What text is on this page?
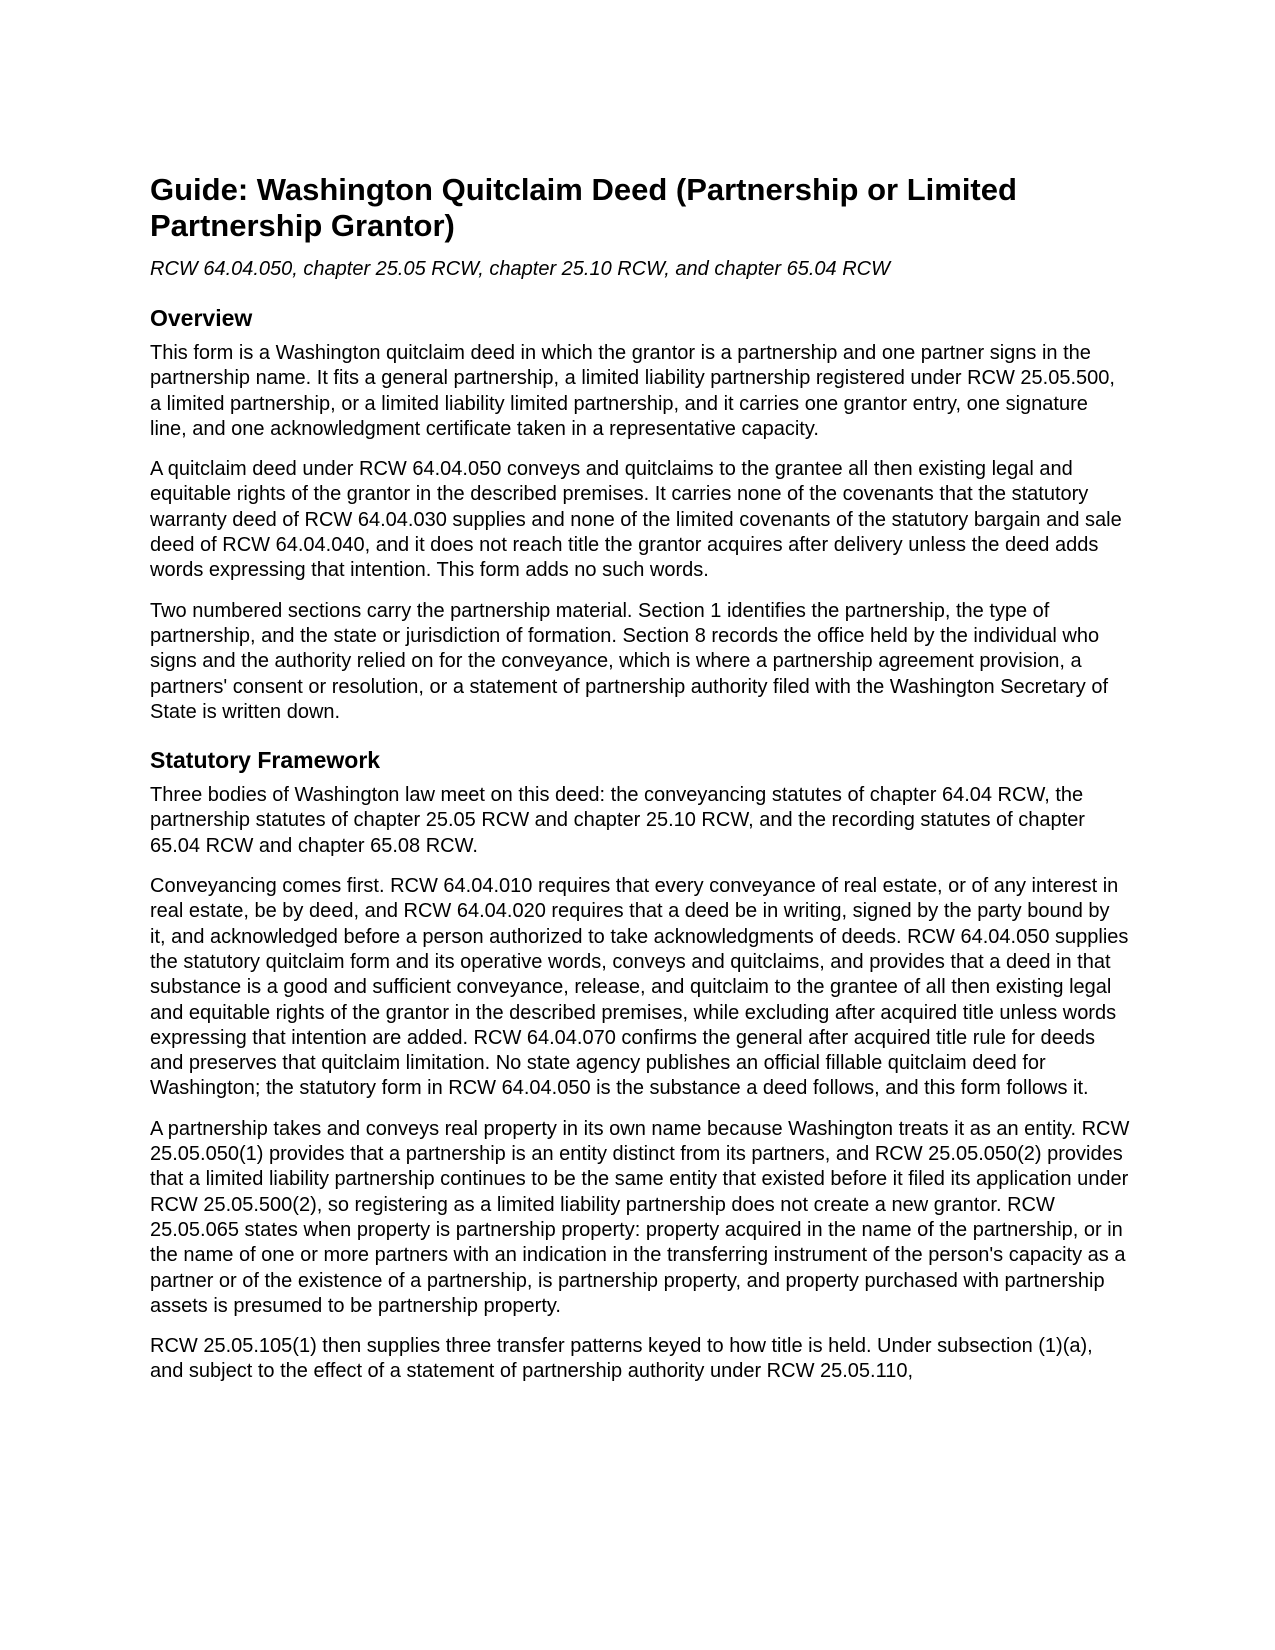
Guide: Washington Quitclaim Deed (Partnership or Limited Partnership Grantor)
RCW 64.04.050, chapter 25.05 RCW, chapter 25.10 RCW, and chapter 65.04 RCW
Overview

This form is a Washington quitclaim deed in which the grantor is a partnership and one partner signs in the partnership name. It fits a general partnership, a limited liability partnership registered under RCW 25.05.500, a limited partnership, or a limited liability limited partnership, and it carries one grantor entry, one signature line, and one acknowledgment certificate taken in a representative capacity.

A quitclaim deed under RCW 64.04.050 conveys and quitclaims to the grantee all then existing legal and equitable rights of the grantor in the described premises. It carries none of the covenants that the statutory warranty deed of RCW 64.04.030 supplies and none of the limited covenants of the statutory bargain and sale deed of RCW 64.04.040, and it does not reach title the grantor acquires after delivery unless the deed adds words expressing that intention. This form adds no such words.

Two numbered sections carry the partnership material. Section 1 identifies the partnership, the type of partnership, and the state or jurisdiction of formation. Section 8 records the office held by the individual who signs and the authority relied on for the conveyance, which is where a partnership agreement provision, a partners' consent or resolution, or a statement of partnership authority filed with the Washington Secretary of State is written down.

Statutory Framework

Three bodies of Washington law meet on this deed: the conveyancing statutes of chapter 64.04 RCW, the partnership statutes of chapter 25.05 RCW and chapter 25.10 RCW, and the recording statutes of chapter 65.04 RCW and chapter 65.08 RCW.

Conveyancing comes first. RCW 64.04.010 requires that every conveyance of real estate, or of any interest in real estate, be by deed, and RCW 64.04.020 requires that a deed be in writing, signed by the party bound by it, and acknowledged before a person authorized to take acknowledgments of deeds. RCW 64.04.050 supplies the statutory quitclaim form and its operative words, conveys and quitclaims, and provides that a deed in that substance is a good and sufficient conveyance, release, and quitclaim to the grantee of all then existing legal and equitable rights of the grantor in the described premises, while excluding after acquired title unless words expressing that intention are added. RCW 64.04.070 confirms the general after acquired title rule for deeds and preserves that quitclaim limitation. No state agency publishes an official fillable quitclaim deed for Washington; the statutory form in RCW 64.04.050 is the substance a deed follows, and this form follows it.

A partnership takes and conveys real property in its own name because Washington treats it as an entity. RCW 25.05.050(1) provides that a partnership is an entity distinct from its partners, and RCW 25.05.050(2) provides that a limited liability partnership continues to be the same entity that existed before it filed its application under RCW 25.05.500(2), so registering as a limited liability partnership does not create a new grantor. RCW 25.05.065 states when property is partnership property: property acquired in the name of the partnership, or in the name of one or more partners with an indication in the transferring instrument of the person's capacity as a partner or of the existence of a partnership, is partnership property, and property purchased with partnership assets is presumed to be partnership property.

RCW 25.05.105(1) then supplies three transfer patterns keyed to how title is held. Under subsection (1)(a), and subject to the effect of a statement of partnership authority under RCW 25.05.110,
